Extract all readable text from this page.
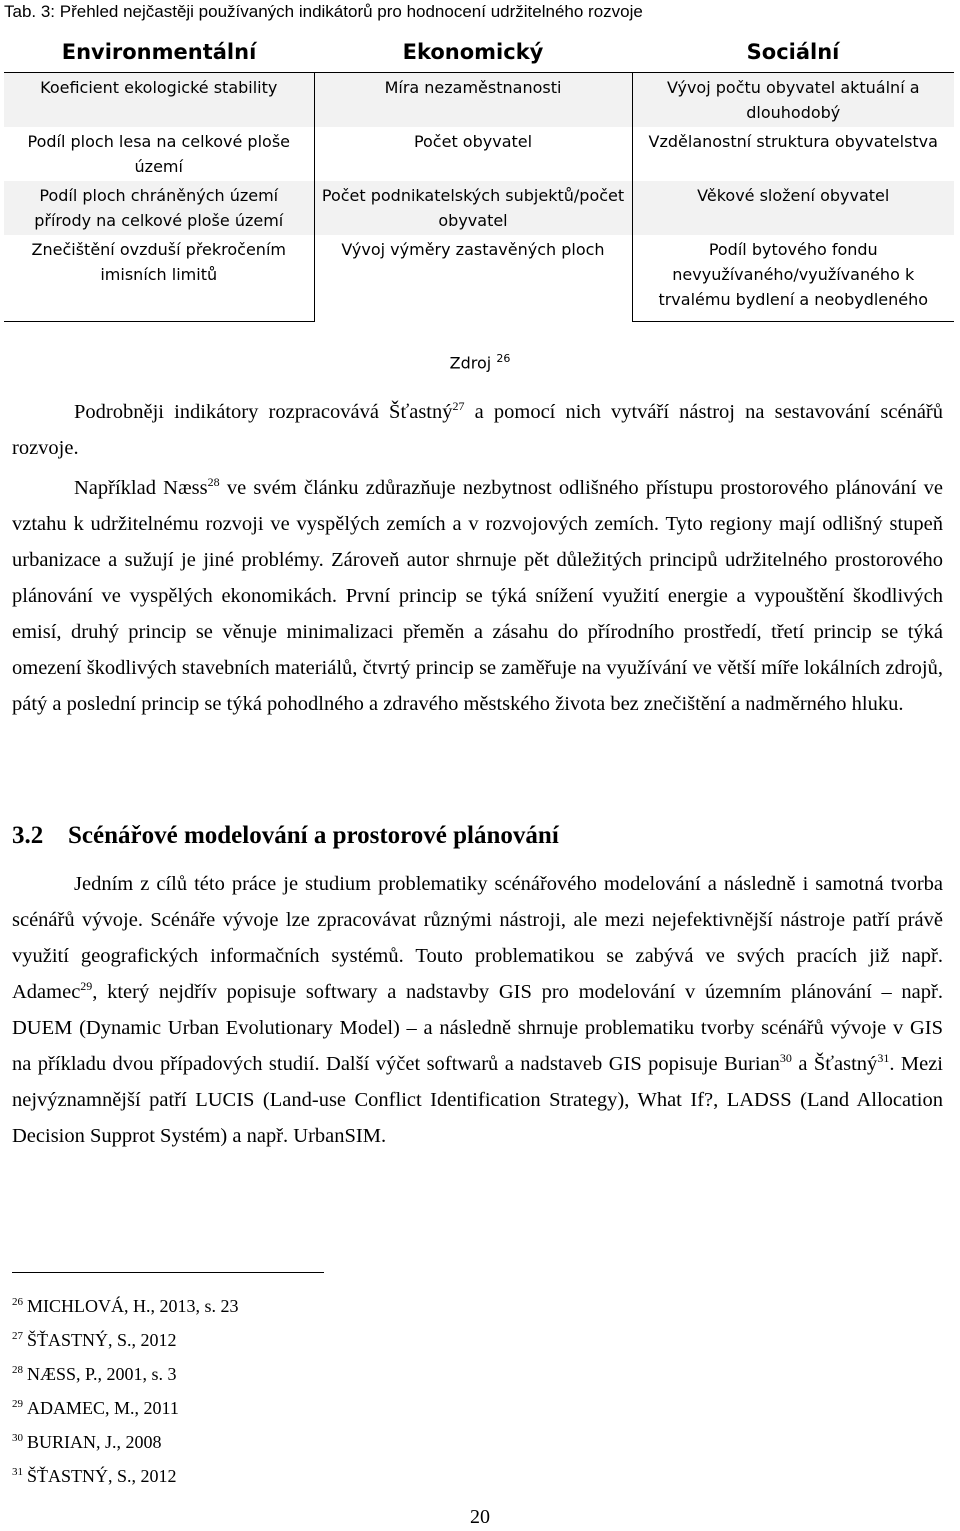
Tab. 3: Přehled nejčastěji používaných indikátorů pro hodnocení udržitelného rozvoje
Environmentální	Ekonomický	Sociální
Koeficient ekologické stability	Míra nezaměstnanosti	Vývoj počtu obyvatel aktuální a dlouhodobý
Podíl ploch lesa na celkové ploše území	Počet obyvatel	Vzdělanostní struktura obyvatelstva
Podíl ploch chráněných území přírody na celkové ploše území	Počet podnikatelských subjektů/počet obyvatel	Věkové složení obyvatel
Znečištění ovzduší překročením imisních limitů	Vývoj výměry zastavěných ploch	Podíl bytového fondu nevyužívaného/využívaného k trvalému bydlení a neobydleného
Zdroj $^{26}$
Podrobněji indikátory rozpracovává Šťastný$^{27}$ a pomocí nich vytváří nástroj na sestavování scénářů rozvoje.
Například Næss$^{28}$ ve svém článku zdůrazňuje nezbytnost odlišného přístupu prostorového plánování ve vztahu k udržitelnému rozvoji ve vyspělých zemích a v rozvojových zemích. Tyto regiony mají odlišný stupeň urbanizace a sužují je jiné problémy. Zároveň autor shrnuje pět důležitých principů udržitelného prostorového plánování ve vyspělých ekonomikách. První princip se týká snížení využití energie a vypouštění škodlivých emisí, druhý princip se věnuje minimalizaci přeměn a zásahu do přírodního prostředí, třetí princip se týká omezení škodlivých stavebních materiálů, čtvrtý princip se zaměřuje na využívání ve větší míře lokálních zdrojů, pátý a poslední princip se týká pohodlného a zdravého městského života bez znečištění a nadměrného hluku.
3.2 Scénářové modelování a prostorové plánování
Jedním z cílů této práce je studium problematiky scénářového modelování a následně i samotná tvorba scénářů vývoje. Scénáře vývoje lze zpracovávat různými nástroji, ale mezi nejefektivnější nástroje patří právě využití geografických informačních systémů. Touto problematikou se zabývá ve svých pracích již např. Adamec$^{29}$, který nejdřív popisuje softwary a nadstavby GIS pro modelování v územním plánování – např. DUEM (Dynamic Urban Evolutionary Model) – a následně shrnuje problematiku tvorby scénářů vývoje v GIS na příkladu dvou případových studií. Další výčet softwarů a nadstaveb GIS popisuje Burian$^{30}$ a Šťastný$^{31}$. Mezi nejvýznamnější patří LUCIS (Land-use Conflict Identification Strategy), What If?, LADSS (Land Allocation Decision Supprot Systém) a např. UrbanSIM.
$^{26}$ MICHLOVÁ, H., 2013, s. 23
$^{27}$ ŠŤASTNÝ, S., 2012
$^{28}$ NÆSS, P., 2001, s. 3
$^{29}$ ADAMEC, M., 2011
$^{30}$ BURIAN, J., 2008
$^{31}$ ŠŤASTNÝ, S., 2012
20
